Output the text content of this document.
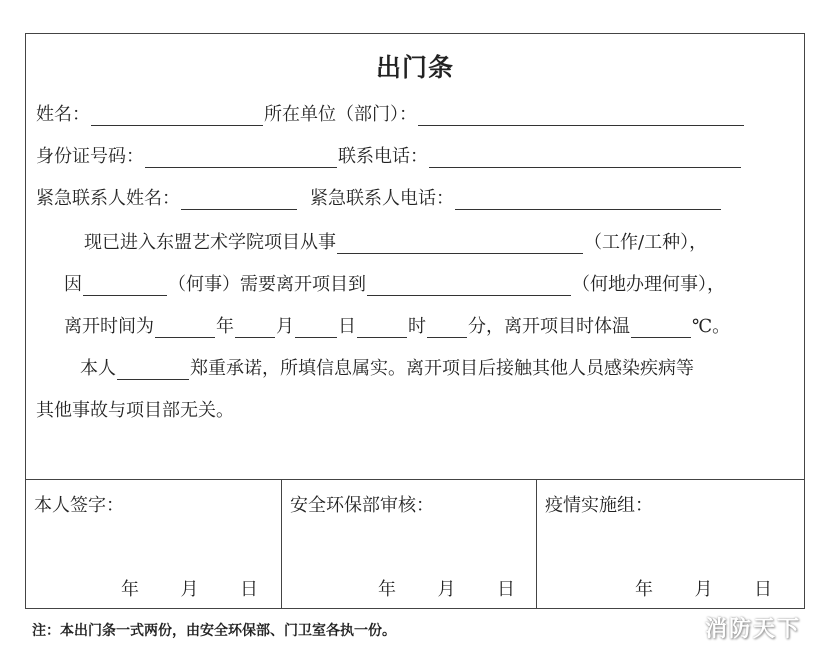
出门条
姓名：	所在单位（部门）：
身份证号码：	联系电话：
紧急联系人姓名：	紧急联系人电话：
现已进入东盟艺术学院项目从事	（工作/工种），
因	（何事）需要离开项目到	（何地办理何事），
离开时间为	年 月 日	时 分，离开项目时体温	℃。
本人	郑重承诺，所填信息属实。离开项目后接触其他人员感染疾病等
其他事故与项目部无关。
本人签字：
年 月 日
安全环保部审核：
年 月 日
疫情实施组：
年 月 日
注：本出门条一式两份，由安全环保部、门卫室各执一份。	消防天下
